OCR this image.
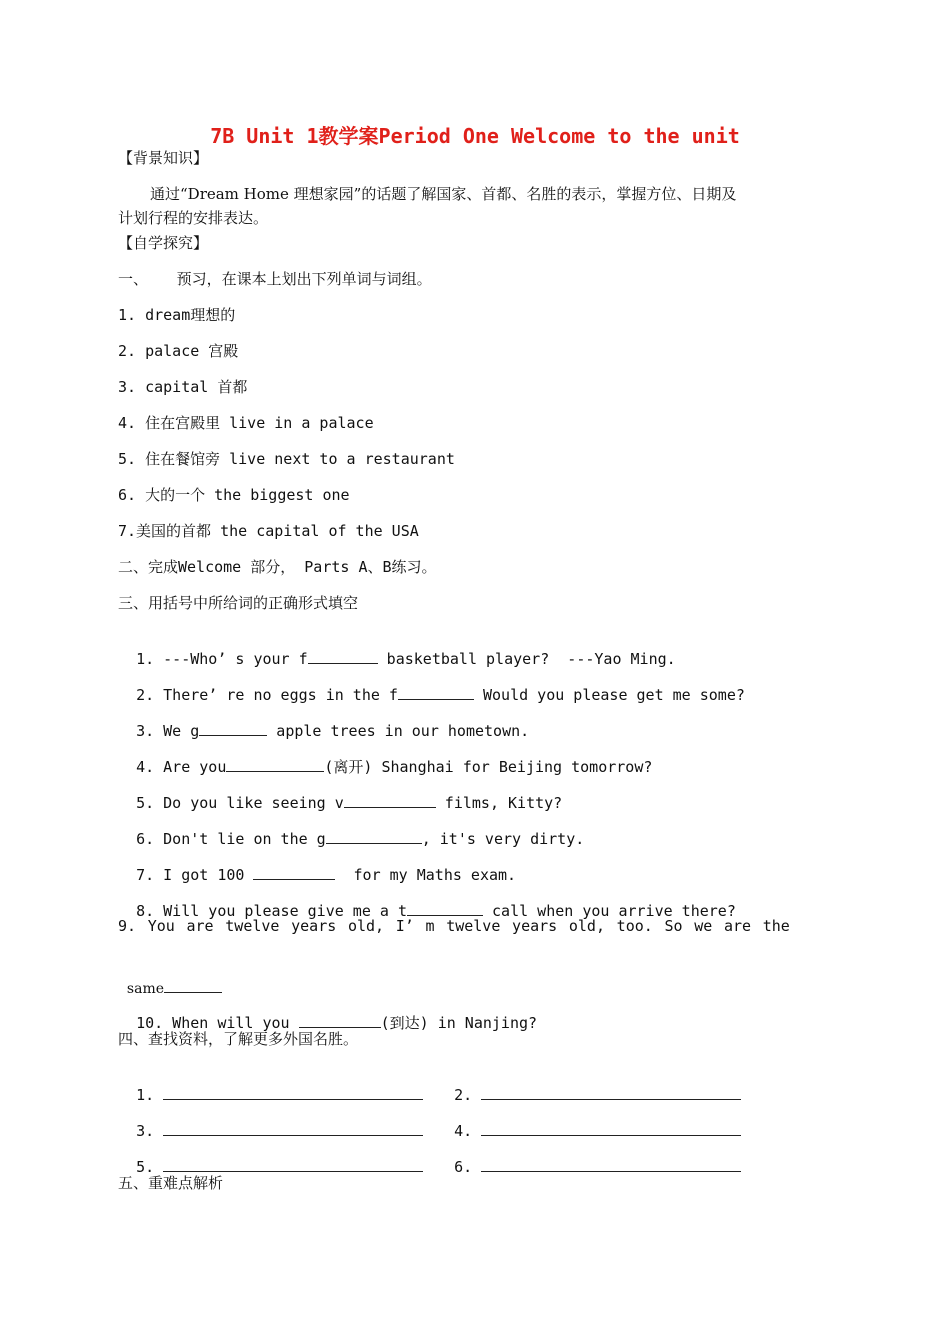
7B Unit 1教学案Period One Welcome to the unit
【背景知识】
通过“Dream Home 理想家园”的话题了解国家、首都、名胜的表示，掌握方位、日期及
计划行程的安排表达。
【自学探究】
一、      预习，在课本上划出下列单词与词组。
1. dream理想的
2. palace 宫殿
3. capital 首都
4. 住在宫殿里 live in a palace
5. 住在餐馆旁 live next to a restaurant
6. 大的一个 the biggest one
7.美国的首都 the capital of the USA
二、完成Welcome 部分， Parts A、B练习。
三、用括号中所给词的正确形式填空

1. ---Who’ s your f	basketball player?  ---Yao Ming.

2. There’ re no eggs in the f	Would you please get me some?

3. We g	apple trees in our hometown.

4. Are you	(离开) Shanghai for Beijing tomorrow?

5. Do you like seeing v	films, Kitty?

6. Don't lie on the g	, it's very dirty.

7. I got 100	for my Maths exam.

8. Will you please give me a t	call when you arrive there?

9. You are twelve years old, I’ m twelve years old, too. So we are the

same

10. When will you	(到达) in Nanjing?

四、查找资料，了解更多外国名胜。

1.	2.

3.	4.

5.	6.

五、重难点解析
